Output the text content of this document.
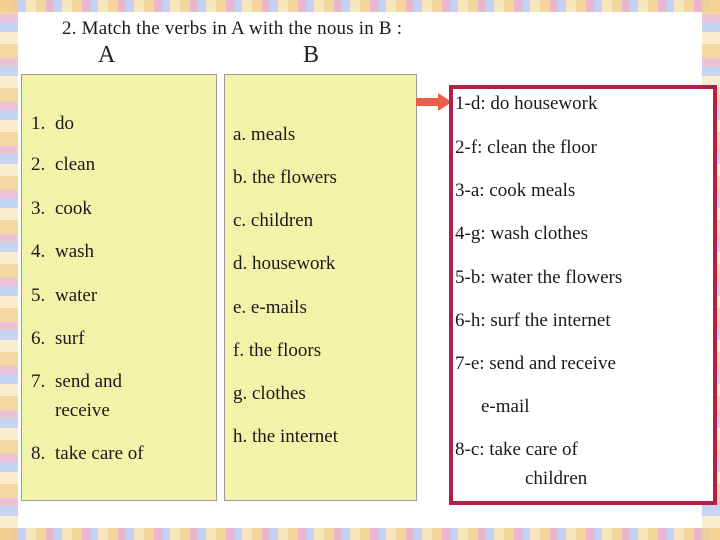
2. Match the verbs in A with the nous in B :
A	B
1. do
2. clean
3. cook
4. wash
5. water
6. surf
7. send and
receive
8. take care of
a. meals
b. the flowers
c. children
d. housework
e. e-mails
f. the floors
g. clothes
h. the internet
1-d: do housework
2-f: clean the floor
3-a: cook meals
4-g: wash clothes
5-b: water the flowers
6-h: surf the internet
7-e: send and receive
e-mail
8-c: take care of
children
